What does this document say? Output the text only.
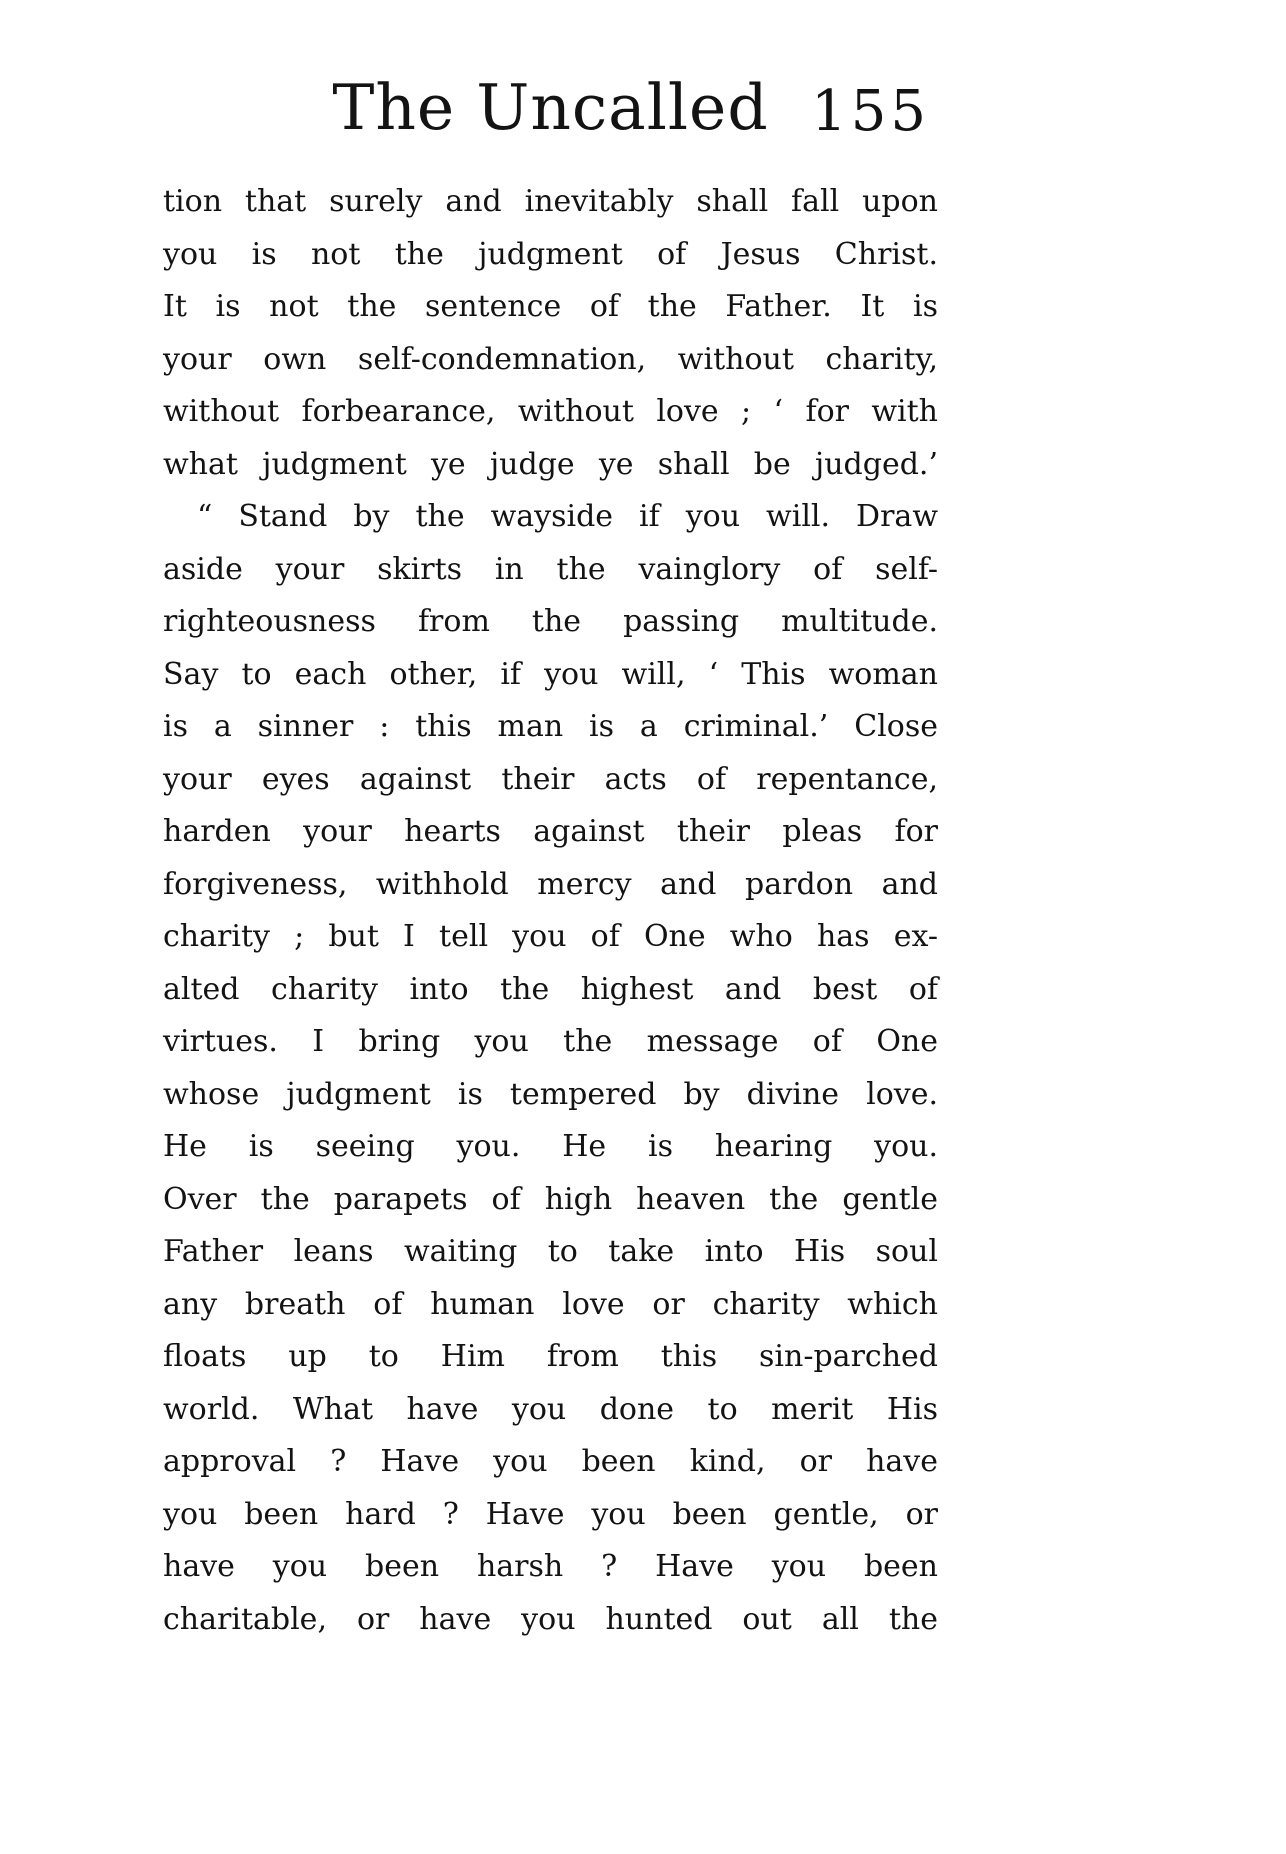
The Uncalled 155
tion that surely and inevitably shall fall upon
you is not the judgment of Jesus Christ.
It is not the sentence of the Father. It is
your own self-condemnation, without charity,
without forbearance, without love ; ‘ for with
what judgment ye judge ye shall be judged.’
“ Stand by the wayside if you will. Draw
aside your skirts in the vainglory of self-
righteousness from the passing multitude.
Say to each other, if you will, ‘ This woman
is a sinner : this man is a criminal.’ Close
your eyes against their acts of repentance,
harden your hearts against their pleas for
forgiveness, withhold mercy and pardon and
charity ; but I tell you of One who has ex-
alted charity into the highest and best of
virtues. I bring you the message of One
whose judgment is tempered by divine love.
He is seeing you. He is hearing you.
Over the parapets of high heaven the gentle
Father leans waiting to take into His soul
any breath of human love or charity which
floats up to Him from this sin-parched
world. What have you done to merit His
approval ? Have you been kind, or have
you been hard ? Have you been gentle, or
have you been harsh ? Have you been
charitable, or have you hunted out all the
